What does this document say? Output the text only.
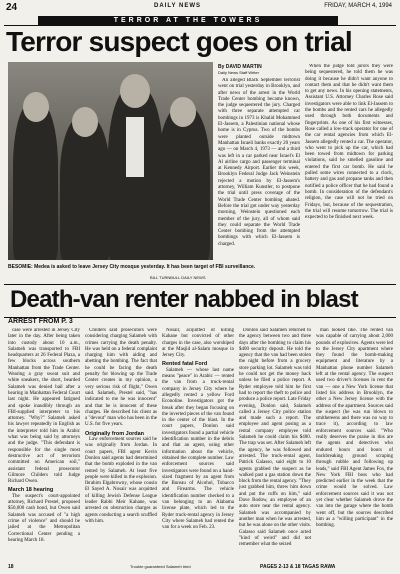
24	DAILY NEWS	FRIDAY, MARCH 4, 1994
TERROR AT THE TOWERS
Terror suspect goes on trial
BESOMIE: Medea is asked to leave Jersey City mosque yesterday. It has been target of FBI surveillance.
BILL TURNBULL DAILY NEWS
By DAVID MARTIN
Daily News Staff Writer

An alleged Black September terrorist went on trial yesterday in Brooklyn, and after news of the arrest in the World Trade Center bombing became known, the judge sequestered the jury. Charged with three separate attempted car bombings in 1973 is Khalid Mohammed El-Jassem, a Palestinian national whose home is in Cyprus. Two of the bombs were planted outside midtown Manhattan Israeli banks exactly 20 years ago — on March 4, 1973 — and a third was left in a car parked near Israel's El Al airline cargo and passenger terminal at Kennedy Airport. Earlier this week, Brooklyn Federal Judge Jack Weinstein rejected a motion by El-Jassem's attorney, William Kunstler, to postpone the trial until press coverage of the World Trade Center bombing abated. Before the trial got under way yesterday morning, Weinstein questioned each member of the jury, all of whom said they could separate the World Trade Center bombing from the attempted bombings with which El-Jassem is charged.

When the judge told jurors they were being sequestered, he told them he was doing it because he didn't want anyone to contact them and that he didn't want them to get any news. In his opening statements, Assistant U.S. Attorney Charles Rose said investigators were able to link El-Jassem to the bombs and the rented cars he allegedly used through both documents and fingerprints. As one of his first witnesses, Rose called a low-track operator for one of the car rental agencies from which El-Jassem allegedly rented a car. The operator, who went to pick up the car, which had been towed from midtown for parking violations, said he smelled gasoline and entered the first car bomb. He said he pulled some wires connected to a clock, battery and gas and propane tanks and then notified a police officer that he had found a bomb. In consideration of the defendant's religion, the case will not be tried on Fridays, but, because of the sequestration, the trial will resume tomorrow. The trial is expected to be finished next week.

Death-van renter nabbed in blast
ARREST FROM P. 3

case were arrested in Jersey City later in the day. After being taken into custody about 10 a.m., Salameh was transported to FBI headquarters at 26 Federal Plaza, a few blocks across southern Manhattan from the Trade Center. Wearing a gray sweat suit and white sneakers, the short, bearded Salameh was denied bail after a hearing in Manhattan Federal Court last night. He appeared fatigued and spoke inaudibly through an FBI-supplied interpreter to his attorney. "Why?" Salameh asked his lawyer repeatedly in English as the interpreter told him in Arabic what was being said by attorneys and the judge. "This defendant is responsible for the single most destructive act of terrorism committed on American soil," assistant federal prosecutor Gilmore Childers told Judge Richard Owen.

March 18 hearing

The suspect's court-appointed attorney, Richard Prestel, proposed $50,000 cash bond, but Owen said Salameh was accused of "a high crime of violence" and should be jailed at the Metropolitan Correctional Center pending a hearing March 18.

Childers said prosecutors were considering charging Salameh with crimes carrying the death penalty. He was held on a federal complaint charging him with aiding and abetting the bombing. The fact that he could be facing the death penalty for blowing up the Trade Center creates in my opinion, a very serious risk of flight," Owen said. Salameh, Prestel said, "has indicated to me he was innocent" and that he is innocent of these charges. He described his client as a "devout" man who has been in the U.S. for five years.

Originally from Jordan

Law enforcement sources said he was originally from Jordan. In court papers, FBI agent Kevin Donlon said agents had determined that the bomb exploded in the van rented by Salameh. At least five people were killed in the explosion. Ibrahim Elgabrowny, whose cousin El Sayed A. Nosair was acquitted of killing Jewish Defense League leader Rabbi Meir Kahane, was arrested on obstruction charges as agents conducting a search scuffled with him.

Nosair, acquitted of killing Kahane but convicted of other charges in the case, also worshiped at the Masjid al-Salam mosque in Jersey City.

Rented fatal Ford

Salameh — whose last name means "peace" in Arabic — rented the van from a truck-rental company in Jersey City where he allegedly rented a yellow Ford Econoline. Investigators got the break after they began focusing on the inverted pieces of the van found in the center of the blast. In the court papers, Donlon said investigators found a partial vehicle identification number in the debris and that an agent, using other information about the vehicle, obtained the complete number. Law enforcement sources said investigators were found on a hand-sized fragment by an agent from the Bureau of Alcohol, Tobacco and Firearms. The vehicle identification number checked to a van belonging to an Alabama license plate, which led to the Ryder truck-rental agency in Jersey City where Salameh had rented the van for a week on Feb. 23.

Donlon said Salameh returned to the agency between two and three days after the bombing to claim his $400 security deposit. He told the agency that the van had been stolen the night before from a grocery store parking lot. Salameh was told he could not get the money back unless he filed a police report. A Ryder employee told him he first had to report the theft to police and produce a police report. Late Friday evening, Donlon said, Salameh called a Jersey City police station and made such a report. The employee and agent posing as a rental company employee told Salameh he could claim his $400. The trap was set. After Salameh left the agency, he was followed and arrested. The truck-rental agent, Patrick Galasso, said eight to 10 agents grabbed the suspect as he walked past a gas station down the block from the rental agency. "They just grabbed him, threw him down and put the cuffs on him," said Dave Rodow, an employee of an auto store near the rental agency. Salameh was accompanied by another man when he was arrested, but he was alone on the other visits. Galasso said Salameh once acted "kind of weird" and did not remember what the seized

man looked like. The rented van was capable of carrying about 2,000 pounds of explosives. Agents were led to the Jersey City apartment where they found the bomb-making equipment and literature by a Manhattan phone number Salameh left at the rental agency. The suspect used two driver's licenses in rent the van — one a New York license that listed his address in Brooklyn, the other a New Jersey license with the address of the apartment. Sources said the suspect (he was run blown to smithereens and there was no way to trace it), according to law enforcement sources said. "Who really deserves the praise in this are the agents and detectives who endured hours and hours of backbreaking ground scraping through rubble and following up leads," said FBI Agent James Fox, the New York FBI boss who had predicted earlier in the week that the crime would be solved. Law enforcement sources said it was not yet clear whether Salameh drove the van into the garage where the bomb went off, but the sources described him as a "willing participant" in the bombing.

18	Trouble guaranteed Salameh tried	PAGES 2-13 & 18 TAGAS RAWA
